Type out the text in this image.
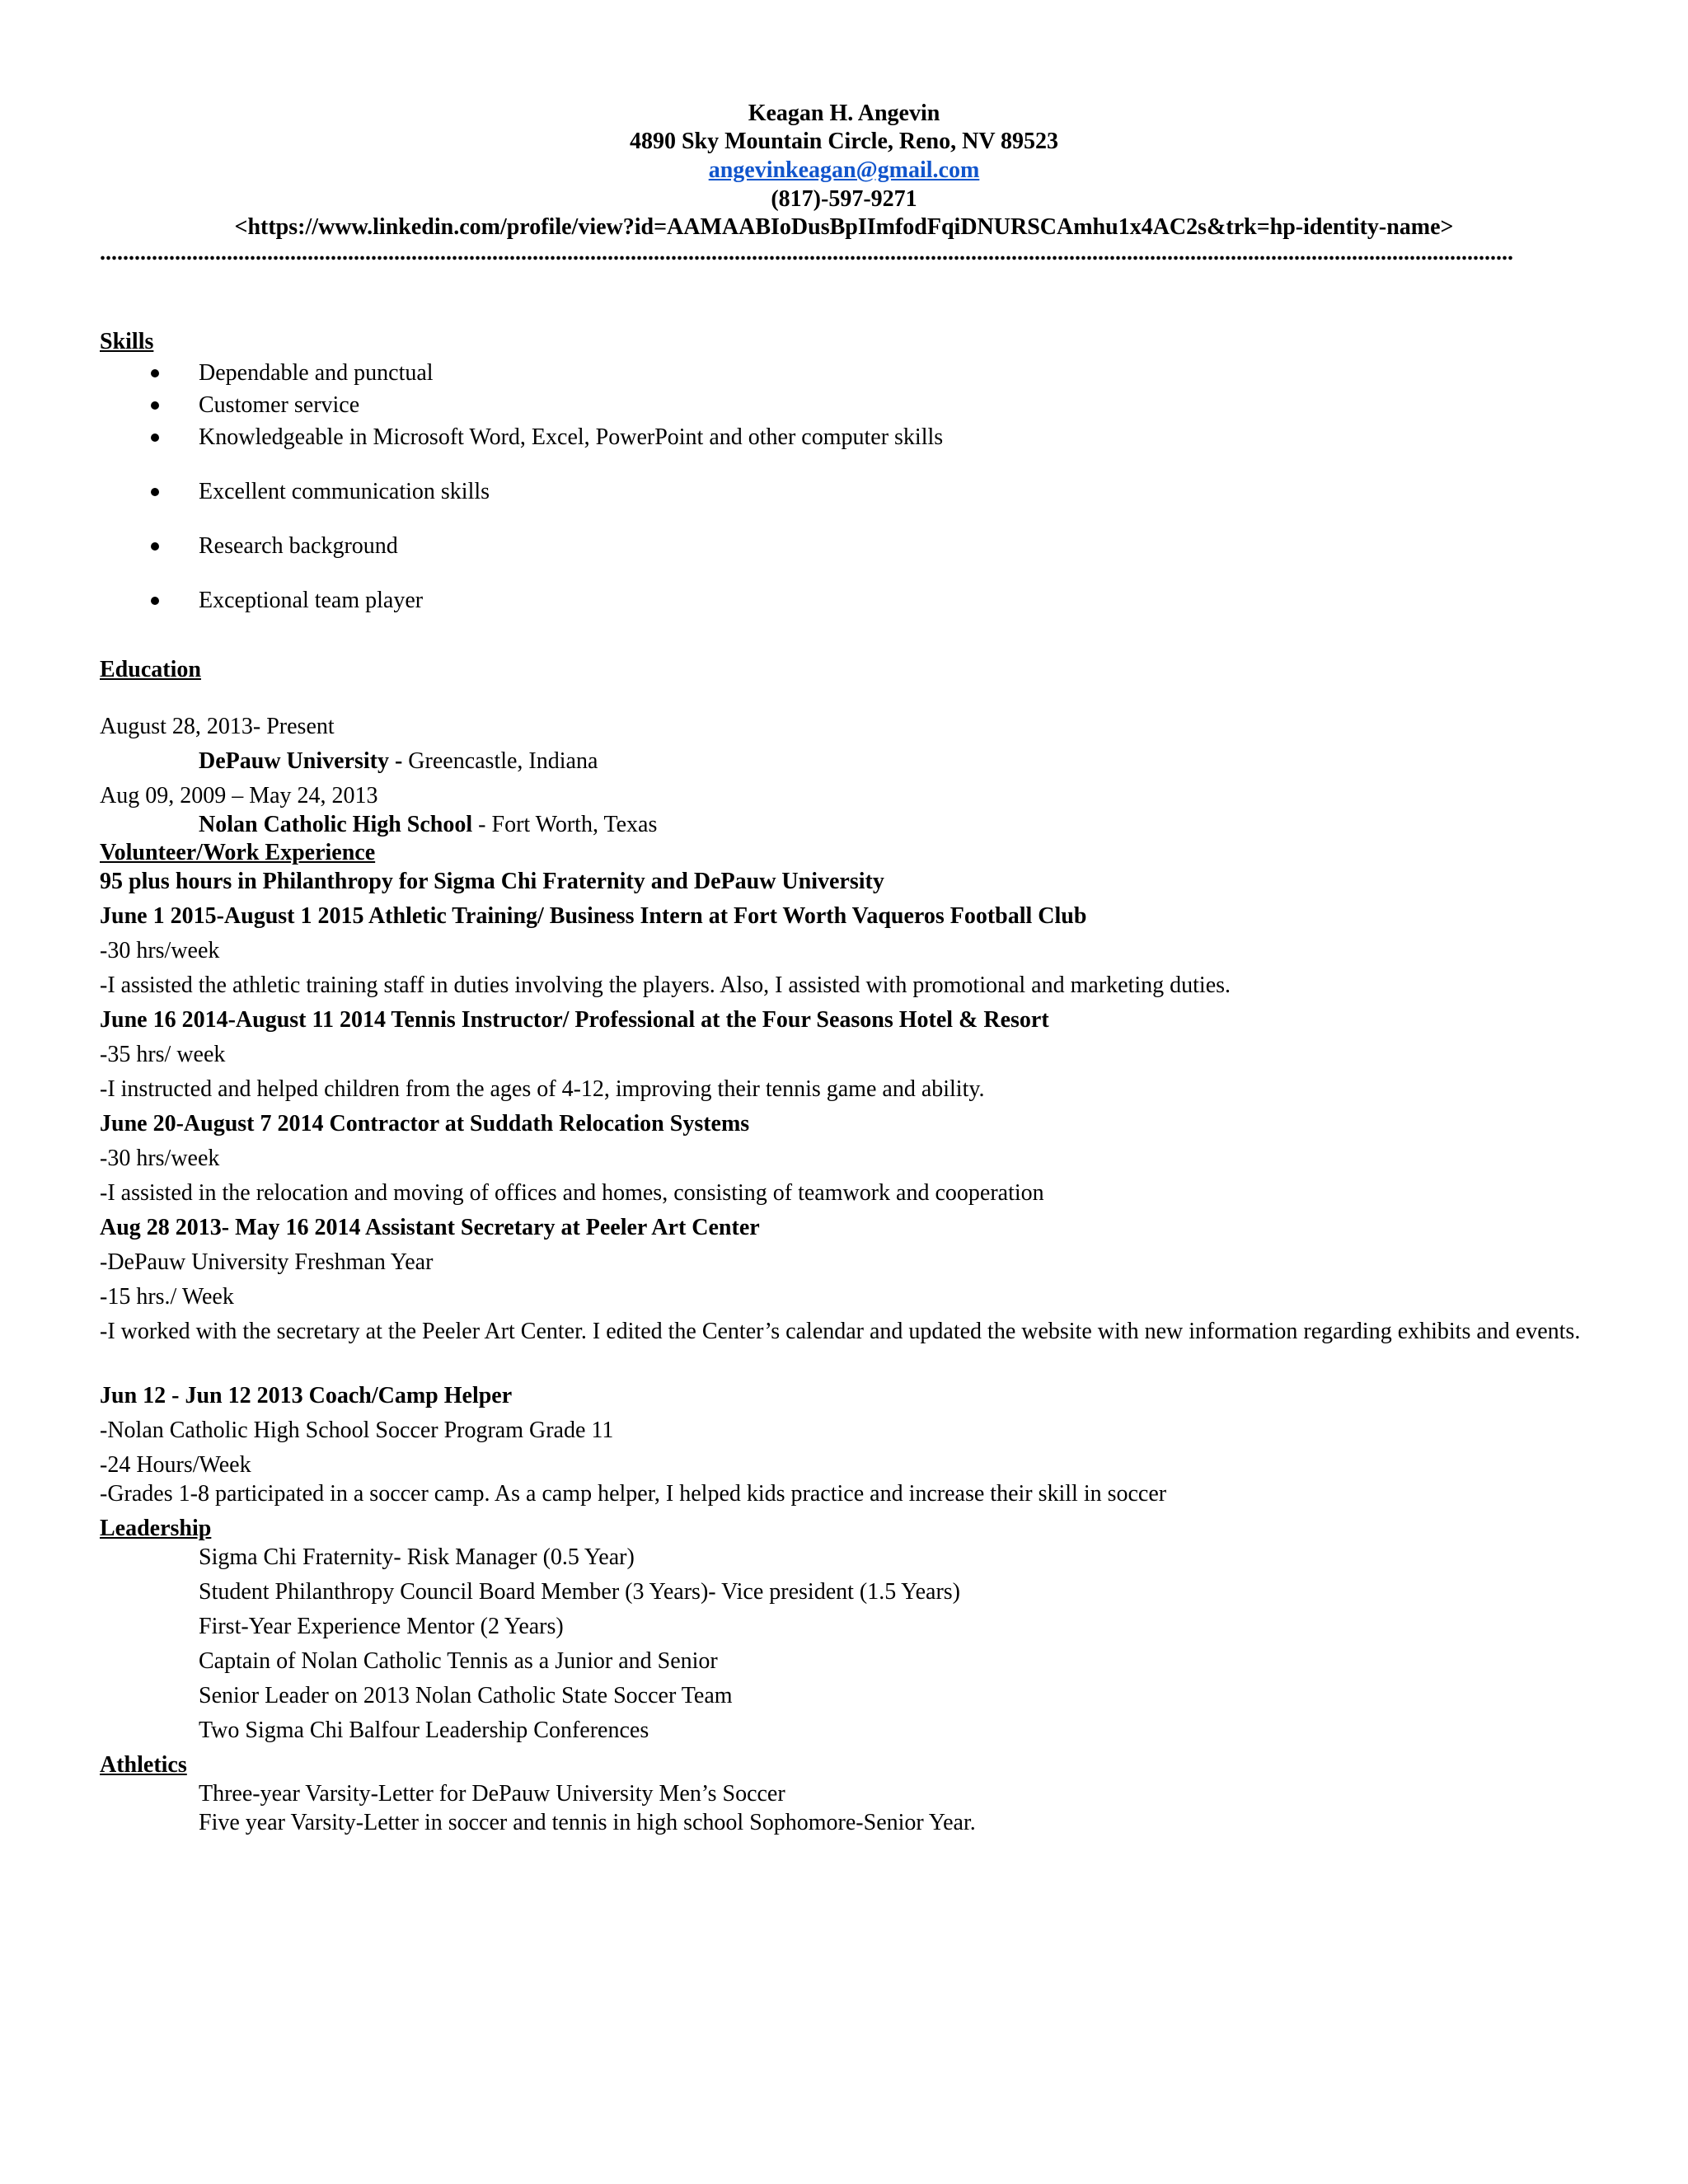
Keagan H. Angevin
4890 Sky Mountain Circle, Reno, NV 89523
angevinkeagan@gmail.com
(817)-597-9271
<https://www.linkedin.com/profile/view?id=AAMAABIoDusBpIImfodFqiDNURSCAmhu1x4AC2s&trk=hp-identity-name>
.....................................................................................................................................................................................................................................................
Skills
Dependable and punctual
Customer service
Knowledgeable in Microsoft Word, Excel, PowerPoint and other computer skills
Excellent communication skills
Research background
Exceptional team player
Education
August 28, 2013- Present
DePauw University - Greencastle, Indiana
Aug 09, 2009 – May 24, 2013
Nolan Catholic High School - Fort Worth, Texas
Volunteer/Work Experience
95 plus hours in Philanthropy for Sigma Chi Fraternity and DePauw University
June 1 2015-August 1 2015 Athletic Training/ Business Intern at Fort Worth Vaqueros Football Club
-30 hrs/week
-I assisted the athletic training staff in duties involving the players. Also, I assisted with promotional and marketing duties.
June 16 2014-August 11 2014 Tennis Instructor/ Professional at the Four Seasons Hotel & Resort
-35 hrs/ week
-I instructed and helped children from the ages of 4-12, improving their tennis game and ability.
June 20-August 7 2014 Contractor at Suddath Relocation Systems
-30 hrs/week
-I assisted in the relocation and moving of offices and homes, consisting of teamwork and cooperation
Aug 28 2013- May 16 2014 Assistant Secretary at Peeler Art Center
-DePauw University Freshman Year
-15 hrs./ Week
-I worked with the secretary at the Peeler Art Center. I edited the Center’s calendar and updated the website with new information regarding exhibits and events.
Jun 12 - Jun 12 2013 Coach/Camp Helper
-Nolan Catholic High School Soccer Program Grade 11
-24 Hours/Week
-Grades 1-8 participated in a soccer camp. As a camp helper, I helped kids practice and increase their skill in soccer
Leadership
Sigma Chi Fraternity- Risk Manager (0.5 Year)
Student Philanthropy Council Board Member (3 Years)- Vice president (1.5 Years)
First-Year Experience Mentor (2 Years)
Captain of Nolan Catholic Tennis as a Junior and Senior
Senior Leader on 2013 Nolan Catholic State Soccer Team
Two Sigma Chi Balfour Leadership Conferences
Athletics
Three-year Varsity-Letter for DePauw University Men’s Soccer
Five year Varsity-Letter in soccer and tennis in high school Sophomore-Senior Year.
